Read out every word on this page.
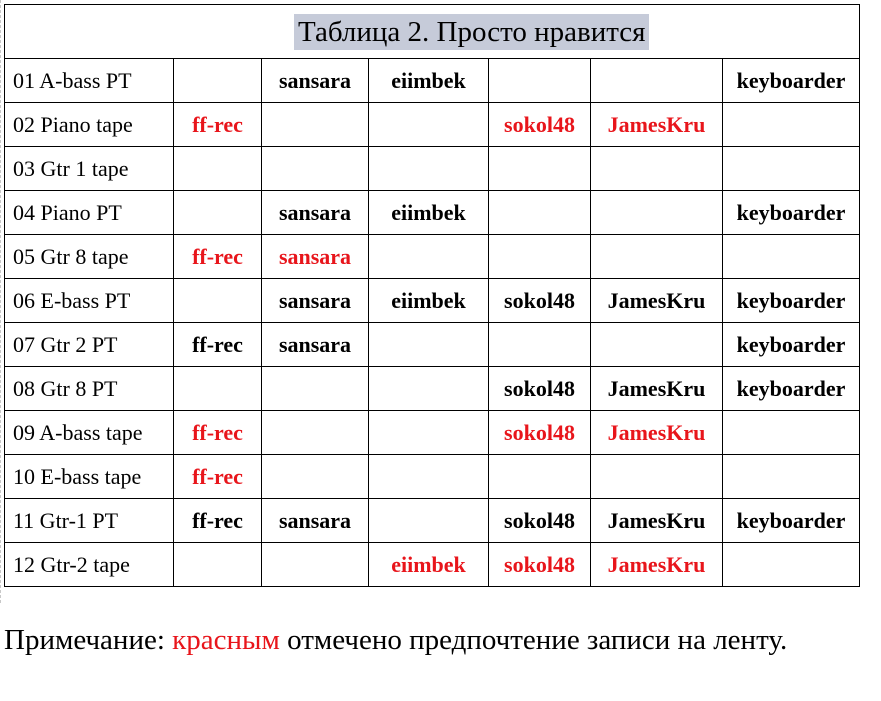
Таблица 2. Просто нравится						
01 A-bass PT		sansara	eiimbek			keyboarder
02 Piano tape	ff-rec			sokol48	JamesKru	
03 Gtr 1 tape						
04 Piano PT		sansara	eiimbek			keyboarder
05 Gtr 8 tape	ff-rec	sansara				
06 E-bass PT		sansara	eiimbek	sokol48	JamesKru	keyboarder
07 Gtr 2 PT	ff-rec	sansara				keyboarder
08 Gtr 8 PT				sokol48	JamesKru	keyboarder
09 A-bass tape	ff-rec			sokol48	JamesKru	
10 E-bass tape	ff-rec					
11 Gtr-1 PT	ff-rec	sansara		sokol48	JamesKru	keyboarder
12 Gtr-2 tape			eiimbek	sokol48	JamesKru	
Примечание: красным отмечено предпочтение записи на ленту.
